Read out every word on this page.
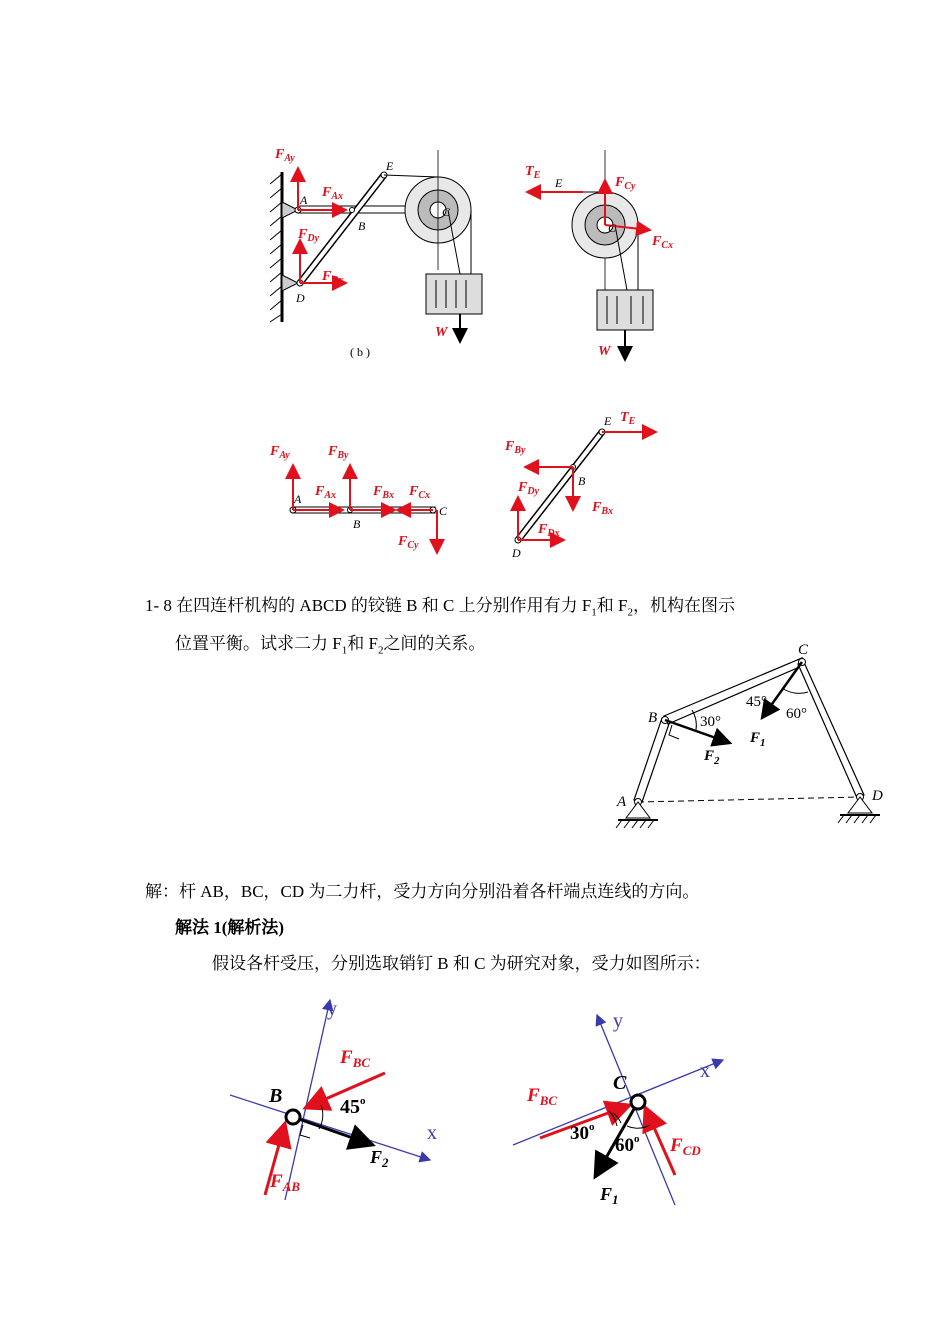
$F_{Ay}$
$F_{Ax}$
$F_{Dy}$
$F_{Dx}$
W
A
B
C
D
E
( b )
$T_E$
E	$F_{Cy}$
$F_{Cx}$
C
W
$F_{Ay}$	$F_{By}$
$F_{Ax}$	$F_{Bx}$ $F_{Cx}$
$F_{Cy}$
A
B
C
$T_E$
E
$F_{By}$
B
$F_{Dy}$
$F_{Bx}$
$F_{Dx}$
D
1- 8 在四连杆机构的 ABCD 的铰链 B 和 C 上分别作用有力 $F_1$和 $F_2$，机构在图示
位置平衡。试求二力 $F_1$和 $F_2$之间的关系。
B
C
A	D
30°
45°
60°
$F_2$
$F_1$
解：杆 AB，BC，CD 为二力杆，受力方向分别沿着各杆端点连线的方向。
解法 1(解析法)
假设各杆受压，分别选取销钉 B 和 C 为研究对象，受力如图所示：
y
x
$F_{BC}$
B	45$^o$
$F_2$
$F_{AB}$
y
x
C
$F_{BC}$
30$^o$
60$^o$ $F_{CD}$
$F_1$
